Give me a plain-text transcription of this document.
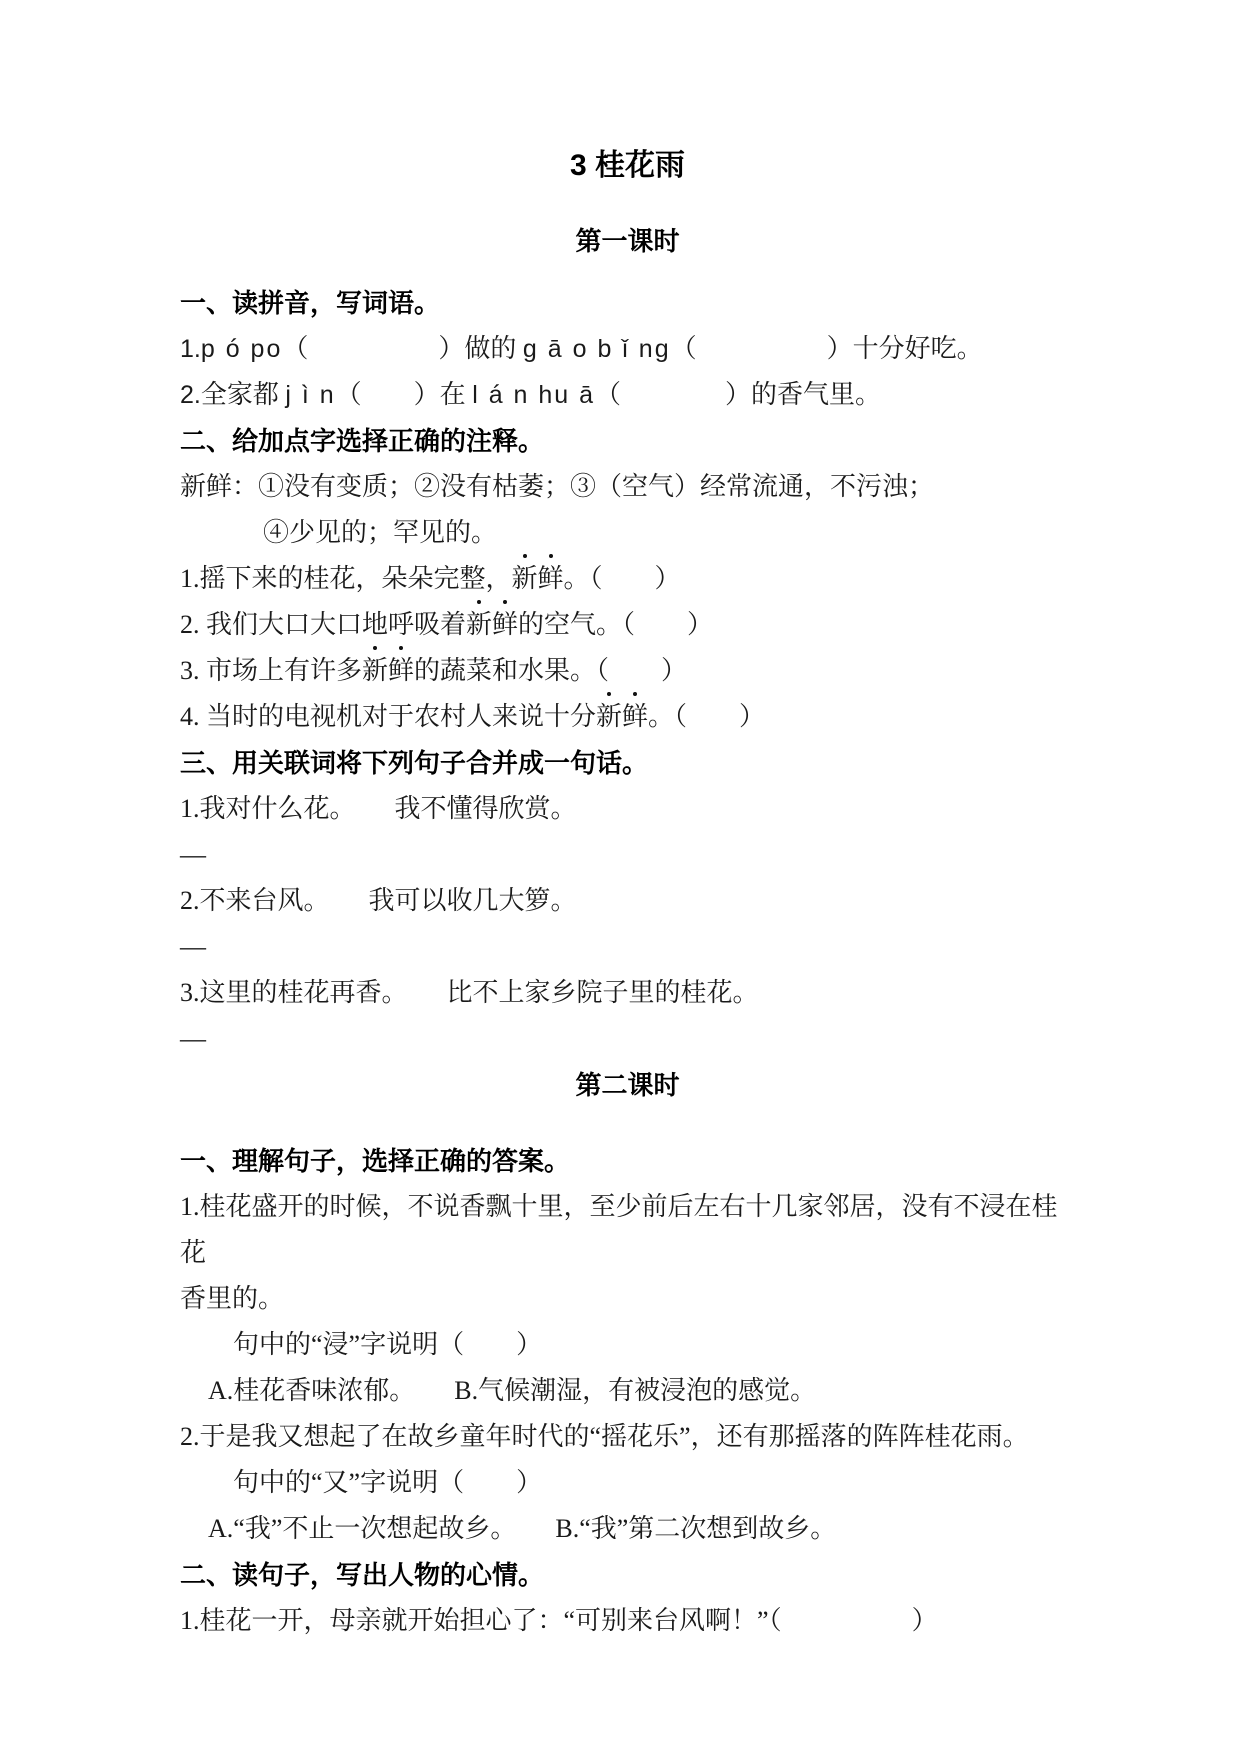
3 桂花雨
第一课时
一、读拼音，写词语。

1.p ó po（　　　　　）做的 g ā o b ǐ ng（　　　　　）十分好吃。

2.全家都 j ì n（　　）在 l á n hu ā（　　　　）的香气里。

二、给加点字选择正确的注释。

新鲜：①没有变质；②没有枯萎；③（空气）经常流通，不污浊；

④少见的；罕见的。

1.摇下来的桂花，朵朵完整，新鲜。（　　）

2. 我们大口大口地呼吸着新鲜的空气。（　　）

3. 市场上有许多新鲜的蔬菜和水果。（　　）

4. 当时的电视机对于农村人来说十分新鲜。（　　）

三、用关联词将下列句子合并成一句话。

1.我对什么花。　　我不懂得欣赏。

—

2.不来台风。　　我可以收几大箩。

—

3.这里的桂花再香。　　比不上家乡院子里的桂花。

—

第二课时
一、理解句子，选择正确的答案。

1.桂花盛开的时候，不说香飘十里，至少前后左右十几家邻居，没有不浸在桂花

香里的。

句中的“浸”字说明（　　）

A.桂花香味浓郁。　　B.气候潮湿，有被浸泡的感觉。

2.于是我又想起了在故乡童年时代的“摇花乐”，还有那摇落的阵阵桂花雨。

句中的“又”字说明（　　）

A.“我”不止一次想起故乡。　　B.“我”第二次想到故乡。

二、读句子，写出人物的心情。

1.桂花一开，母亲就开始担心了：“可别来台风啊！”（　　　　　）
